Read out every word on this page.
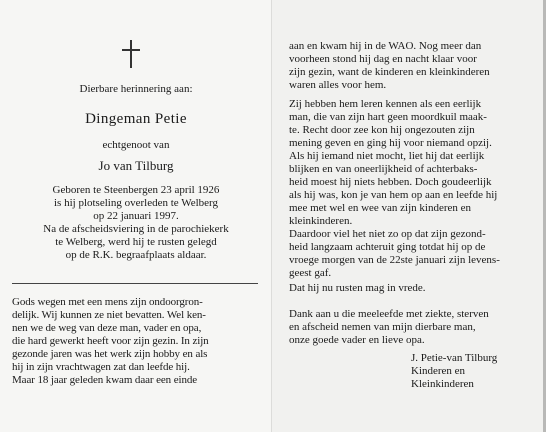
Dierbare herinnering aan:
Dingeman Petie
echtgenoot van
Jo van Tilburg
Geboren te Steenbergen 23 april 1926
is hij plotseling overleden te Welberg
op 22 januari 1997.
Na de afscheidsviering in de parochiekerk
te Welberg, werd hij te rusten gelegd
op de R.K. begraafplaats aldaar.
Gods wegen met een mens zijn ondoorgron-
delijk. Wij kunnen ze niet bevatten. Wel ken-
nen we de weg van deze man, vader en opa,
die hard gewerkt heeft voor zijn gezin. In zijn
gezonde jaren was het werk zijn hobby en als
hij in zijn vrachtwagen zat dan leefde hij.
Maar 18 jaar geleden kwam daar een einde
aan en kwam hij in de WAO. Nog meer dan
voorheen stond hij dag en nacht klaar voor
zijn gezin, want de kinderen en kleinkinderen
waren alles voor hem.
Zij hebben hem leren kennen als een eerlijk
man, die van zijn hart geen moordkuil maak-
te. Recht door zee kon hij ongezouten zijn
mening geven en ging hij voor niemand opzij.
Als hij iemand niet mocht, liet hij dat eerlijk
blijken en van oneerlijkheid of achterbaks-
heid moest hij niets hebben. Doch goudeerlijk
als hij was, kon je van hem op aan en leefde hij
mee met wel en wee van zijn kinderen en
kleinkinderen.
Daardoor viel het niet zo op dat zijn gezond-
heid langzaam achteruit ging totdat hij op de
vroege morgen van de 22ste januari zijn levens-
geest gaf.
Dat hij nu rusten mag in vrede.
Dank aan u die meeleefde met ziekte, sterven
en afscheid nemen van mijn dierbare man,
onze goede vader en lieve opa.
J. Petie-van Tilburg
Kinderen en
Kleinkinderen
